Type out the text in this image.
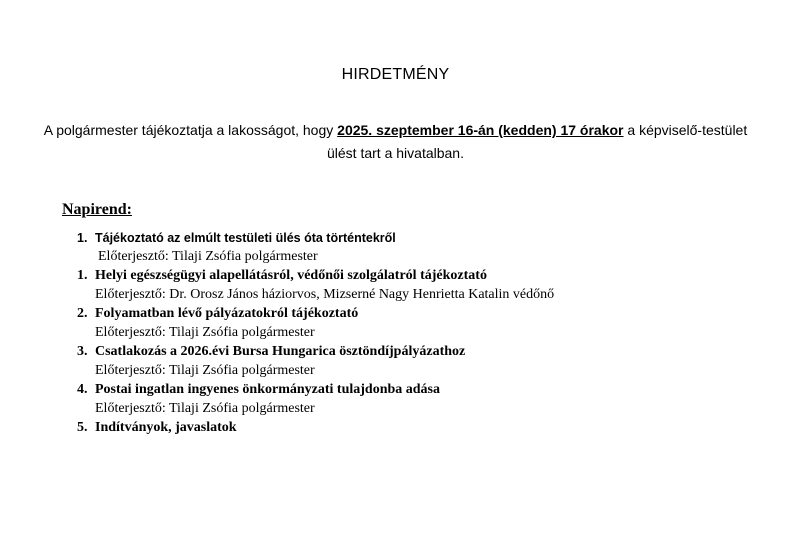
HIRDETMÉNY
A polgármester tájékoztatja a lakosságot, hogy 2025. szeptember 16-án (kedden) 17 órakor a képviselő-testület ülést tart a hivatalban.
Napirend:
1. Tájékoztató az elmúlt testületi ülés óta történtekről
Előterjesztő: Tilaji Zsófia polgármester
1. Helyi egészségügyi alapellátásról, védőnői szolgálatról tájékoztató
Előterjesztő: Dr. Orosz János háziorvos, Mizserné Nagy Henrietta Katalin védőnő
2. Folyamatban lévő pályázatokról tájékoztató
Előterjesztő: Tilaji Zsófia polgármester
3. Csatlakozás a 2026.évi Bursa Hungarica ösztöndíjpályázathoz
Előterjesztő: Tilaji Zsófia polgármester
4. Postai ingatlan ingyenes önkormányzati tulajdonba adása
Előterjesztő: Tilaji Zsófia polgármester
5. Indítványok, javaslatok
